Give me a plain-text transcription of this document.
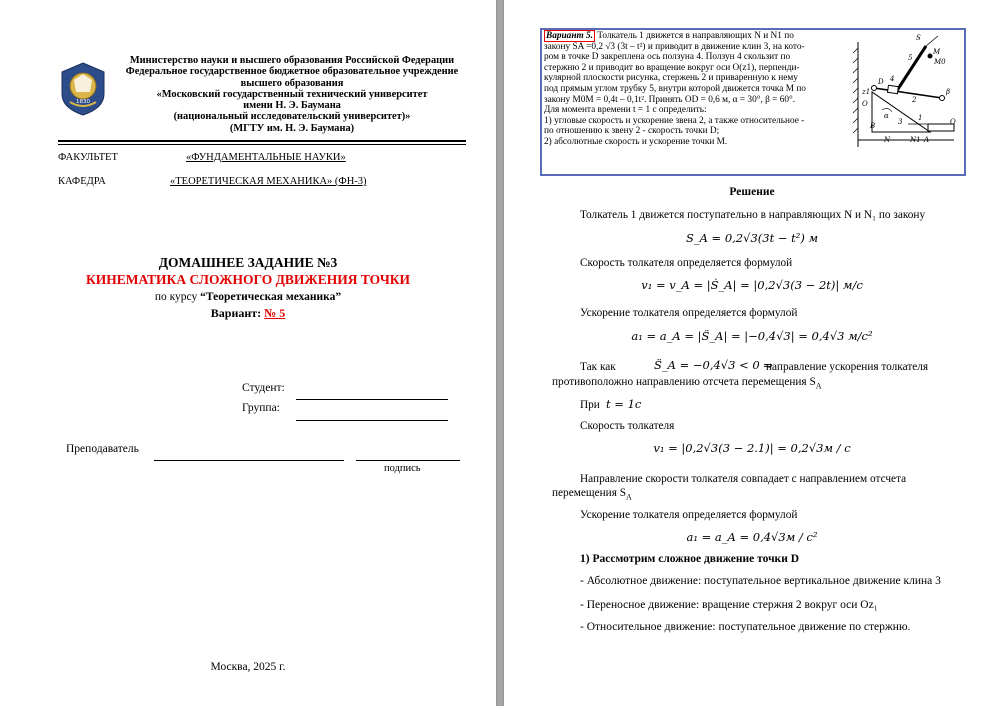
1830
Министерство науки и высшего образования Российской Федерации
Федеральное государственное бюджетное образовательное учреждение
высшего образования
«Московский государственный технический университет
имени Н. Э. Баумана
(национальный исследовательский университет)»
(МГТУ им. Н. Э. Баумана)
ФАКУЛЬТЕТ	«ФУНДАМЕНТАЛЬНЫЕ НАУКИ»
КАФЕДРА	«ТЕОРЕТИЧЕСКАЯ МЕХАНИКА» (ФН-3)
ДОМАШНЕЕ ЗАДАНИЕ №3
КИНЕМАТИКА СЛОЖНОГО ДВИЖЕНИЯ ТОЧКИ
по курсу “Теоретическая механика”
Вариант: № 5
Студент:
Группа:
Преподаватель
подпись
Москва, 2025 г.
Вариант 5. Толкатель 1 движется в направляющих N и N1 по
закону SA =0,2 √3 (3t – t²) и приводит в движение клин 3, на кото-
ром в точке D закреплена ось ползуна 4. Ползун 4 скользит по
стержню 2 и приводит во вращение вокруг оси O(z1), перпенди-
кулярной плоскости рисунка, стержень 2 и приваренную к нему
под прямым углом трубку 5, внутри которой движется точка M по
закону M0M = 0,4t – 0,1t². Принять OD = 0,6 м, α = 30°, β = 60°.
Для момента времени t = 1 с определить:
1) угловые скорость и ускорение звена 2, а также относительное -
по отношению к звену 2 - скорость точки D;
2) абсолютные скорость и ускорение точки M.
S
5
M
M0
D 4
z1
O	2
α
B
β
N
3
N1 A
1	O
Решение
Толкатель 1 движется поступательно в направляющих N и N₁ по закону
S_A = 0,2√3(3t − t²) м
Скорость толкателя определяется формулой
v₁ = v_A = |Ṡ_A| = |0,2√3(3 − 2t)| м/с
Ускорение толкателя определяется формулой
a₁ = a_A = |S̈_A| = |−0,4√3| = 0,4√3 м/с²
Так как	S̈_A = −0,4√3 < 0 ⇒
направление ускорения толкателя
противоположно направлению отсчета перемещения $S_A$
При t = 1с
Скорость толкателя
v₁ = |0,2√3(3 − 2.1)| = 0,2√3м / с
Направление скорости толкателя совпадает с направлением отсчета
перемещения $S_A$
Ускорение толкателя определяется формулой
a₁ = a_A = 0,4√3м / с²
1) Рассмотрим сложное движение точки D
- Абсолютное движение: поступательное вертикальное движение клина 3
- Переносное движение: вращение стержня 2 вокруг оси Oz₁
- Относительное движение: поступательное движение по стержню.
